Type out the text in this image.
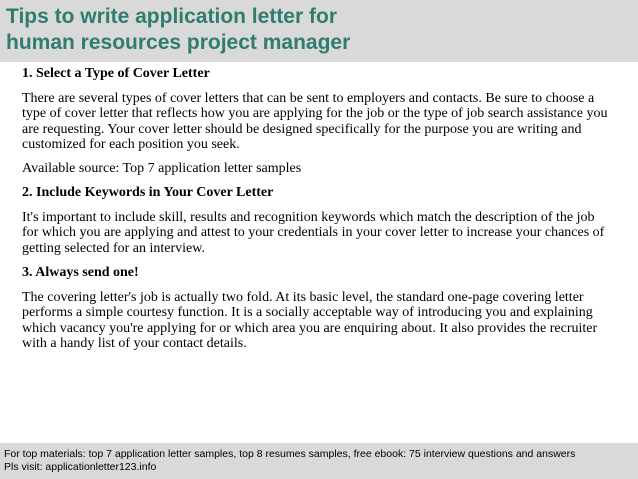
Tips to write application letter for
human resources project manager

1. Select a Type of Cover Letter

There are several types of cover letters that can be sent to employers and contacts. Be sure to choose a type of cover letter that reflects how you are applying for the job or the type of job search assistance you are requesting. Your cover letter should be designed specifically for the purpose you are writing and customized for each position you seek.

Available source: Top 7 application letter samples

2. Include Keywords in Your Cover Letter

It's important to include skill, results and recognition keywords which match the description of the job for which you are applying and attest to your credentials in your cover letter to increase your chances of getting selected for an interview.

3. Always send one!

The covering letter's job is actually two fold. At its basic level, the standard one-page covering letter performs a simple courtesy function. It is a socially acceptable way of introducing you and explaining which vacancy you're applying for or which area you are enquiring about. It also provides the recruiter with a handy list of your contact details.

For top materials: top 7 application letter samples, top 8 resumes samples, free ebook: 75 interview questions and answers

Pls visit: applicationletter123.info
